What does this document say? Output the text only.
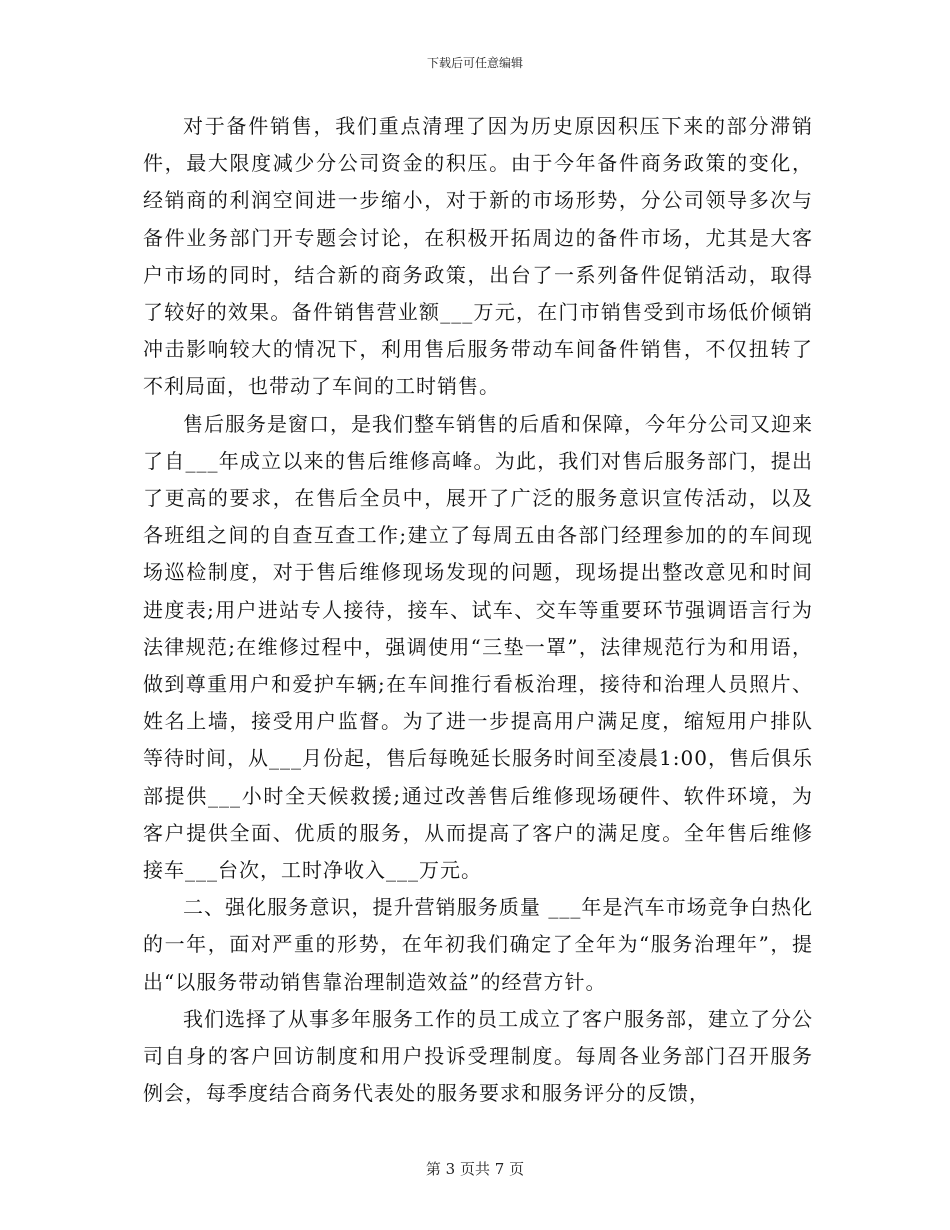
下载后可任意编辑

对于备件销售，我们重点清理了因为历史原因积压下来的部分滞销件，最大限度减少分公司资金的积压。由于今年备件商务政策的变化，经销商的利润空间进一步缩小，对于新的市场形势，分公司领导多次与备件业务部门开专题会讨论，在积极开拓周边的备件市场，尤其是大客户市场的同时，结合新的商务政策，出台了一系列备件促销活动，取得了较好的效果。备件销售营业额___万元，在门市销售受到市场低价倾销冲击影响较大的情况下，利用售后服务带动车间备件销售，不仅扭转了不利局面，也带动了车间的工时销售。

售后服务是窗口，是我们整车销售的后盾和保障，今年分公司又迎来了自___年成立以来的售后维修高峰。为此，我们对售后服务部门，提出了更高的要求，在售后全员中，展开了广泛的服务意识宣传活动，以及各班组之间的自查互查工作;建立了每周五由各部门经理参加的的车间现场巡检制度，对于售后维修现场发现的问题，现场提出整改意见和时间进度表;用户进站专人接待，接车、试车、交车等重要环节强调语言行为法律规范;在维修过程中，强调使用“三垫一罩”，法律规范行为和用语，做到尊重用户和爱护车辆;在车间推行看板治理，接待和治理人员照片、姓名上墙，接受用户监督。为了进一步提高用户满足度，缩短用户排队等待时间，从___月份起，售后每晚延长服务时间至凌晨1:00，售后俱乐部提供___小时全天候救援;通过改善售后维修现场硬件、软件环境，为客户提供全面、优质的服务，从而提高了客户的满足度。全年售后维修接车___台次，工时净收入___万元。

二、强化服务意识，提升营销服务质量 ___年是汽车市场竞争白热化的一年，面对严重的形势，在年初我们确定了全年为“服务治理年”，提出“以服务带动销售靠治理制造效益”的经营方针。

我们选择了从事多年服务工作的员工成立了客户服务部，建立了分公司自身的客户回访制度和用户投诉受理制度。每周各业务部门召开服务例会，每季度结合商务代表处的服务要求和服务评分的反馈，

第 3 页共 7 页
